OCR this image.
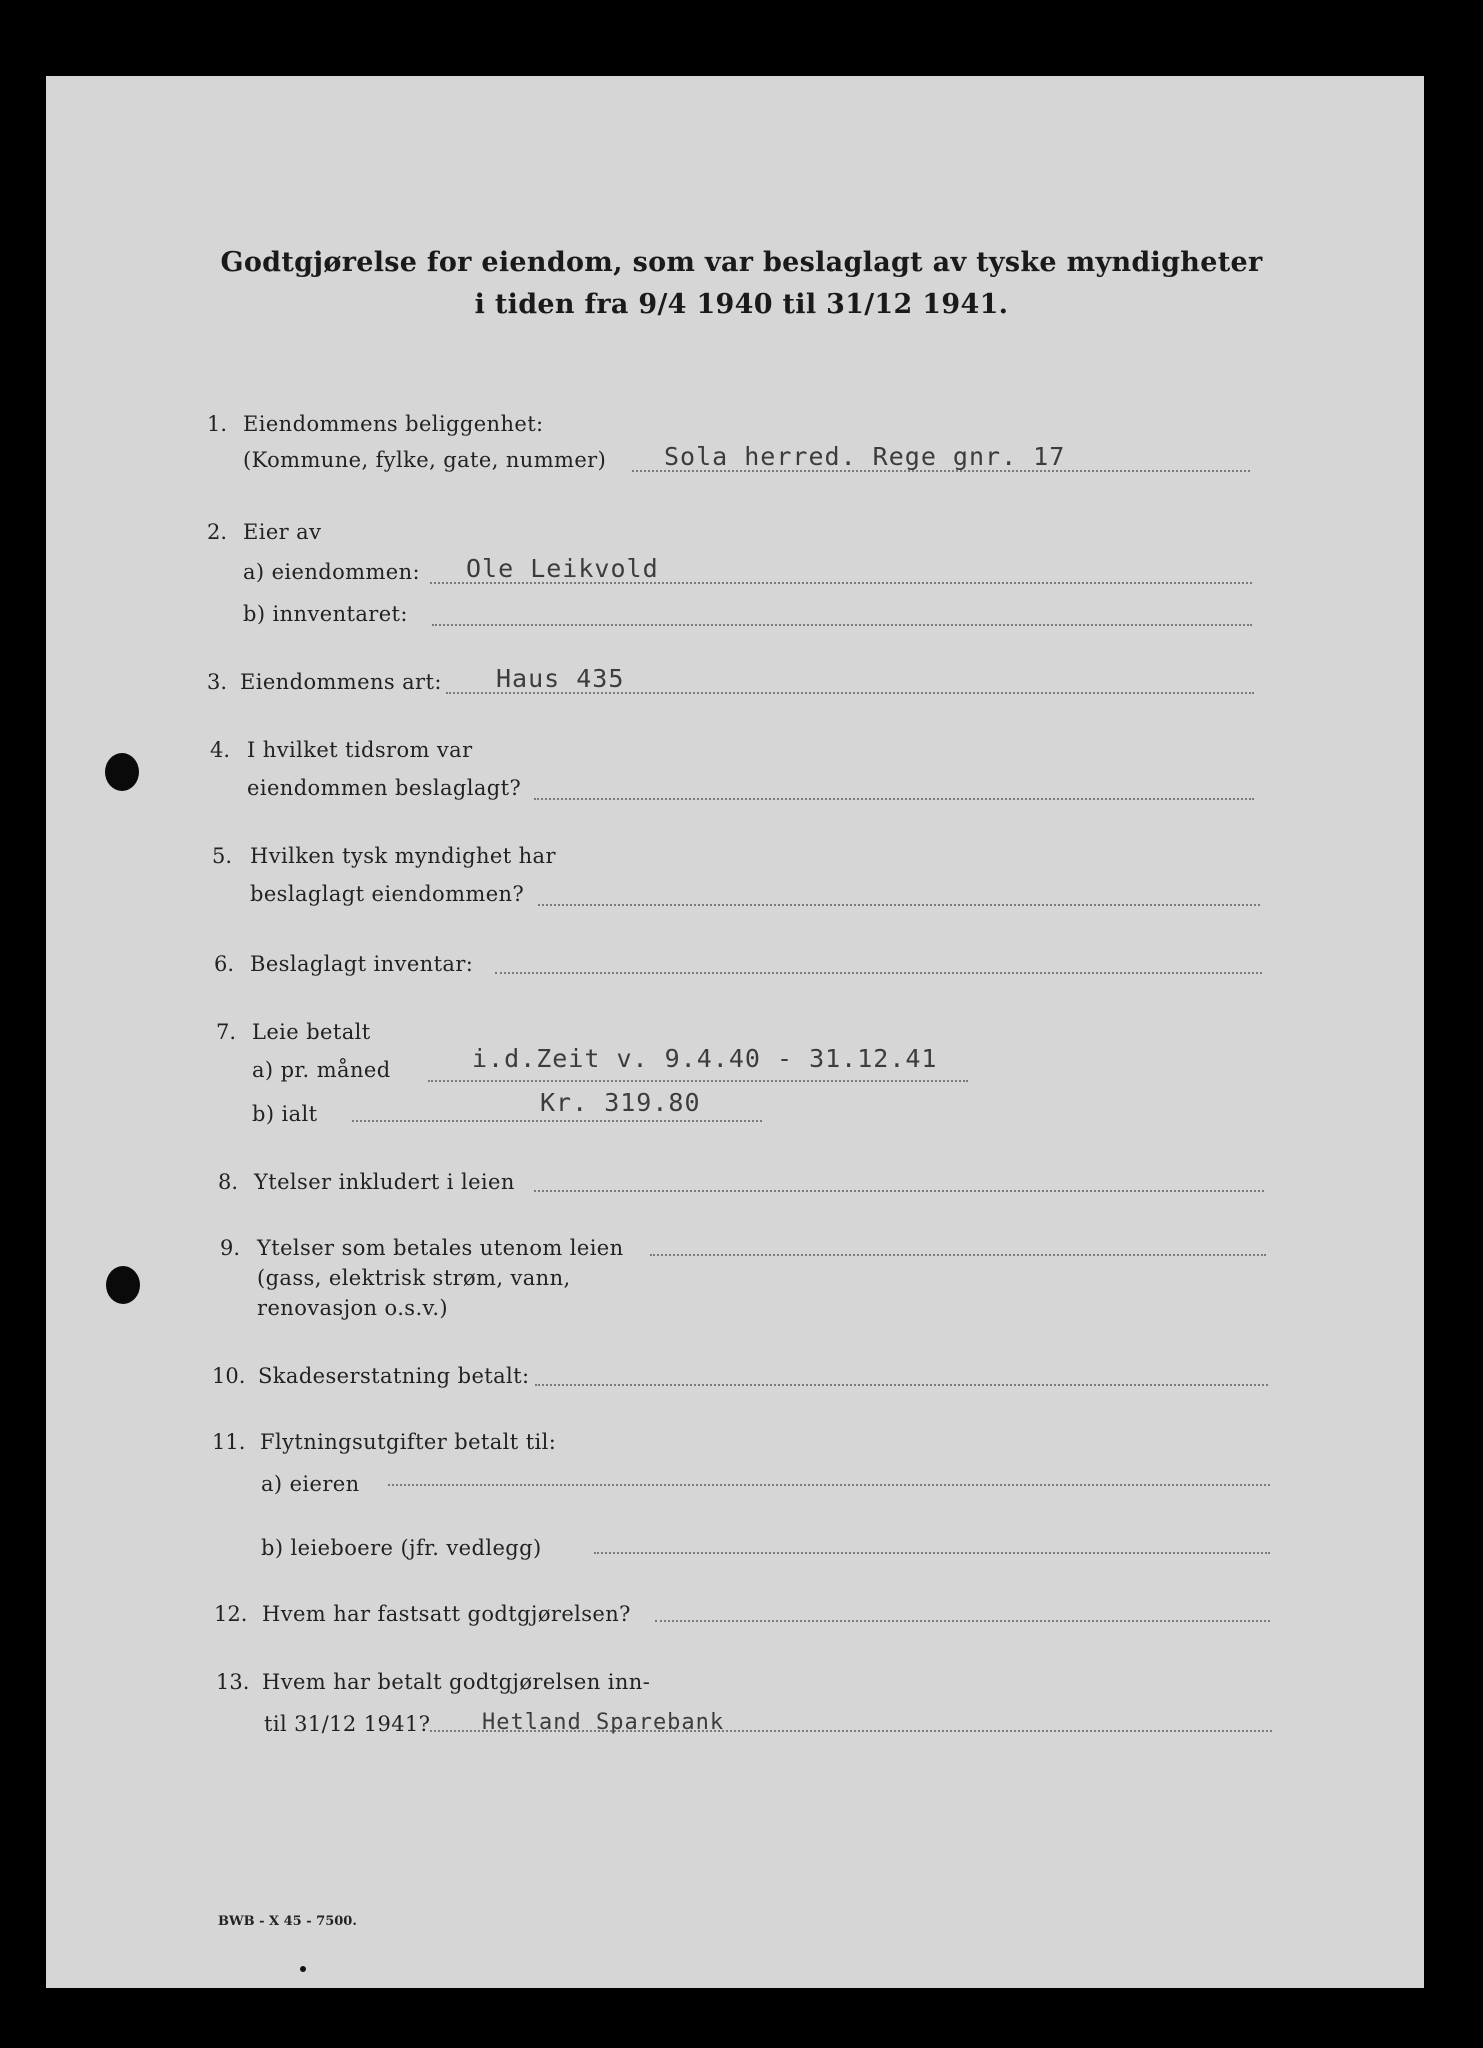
Godtgjørelse for eiendom, som var beslaglagt av tyske myndigheter
i tiden fra 9/4 1940 til 31/12 1941.
1. Eiendommens beliggenhet:
(Kommune, fylke, gate, nummer) Sola herred. Rege gnr. 17
2. Eier av
a) eiendommen: Ole Leikvold
b) innventaret:
3. Eiendommens art: Haus 435
4. I hvilket tidsrom var
eiendommen beslaglagt?
5. Hvilken tysk myndighet har
beslaglagt eiendommen?
6. Beslaglagt inventar:
7. Leie betalt
a) pr. måned	i.d.Zeit v. 9.4.40 - 31.12.41
b) ialt	Kr. 319.80
8. Ytelser inkludert i leien
9. Ytelser som betales utenom leien
(gass, elektrisk strøm, vann,
renovasjon o.s.v.)
10. Skadeserstatning betalt:
11. Flytningsutgifter betalt til:
a) eieren
b) leieboere (jfr. vedlegg)
12. Hvem har fastsatt godtgjørelsen?
13. Hvem har betalt godtgjørelsen inn-
til 31/12 1941? Hetland Sparebank
BWB - X 45 - 7500.
